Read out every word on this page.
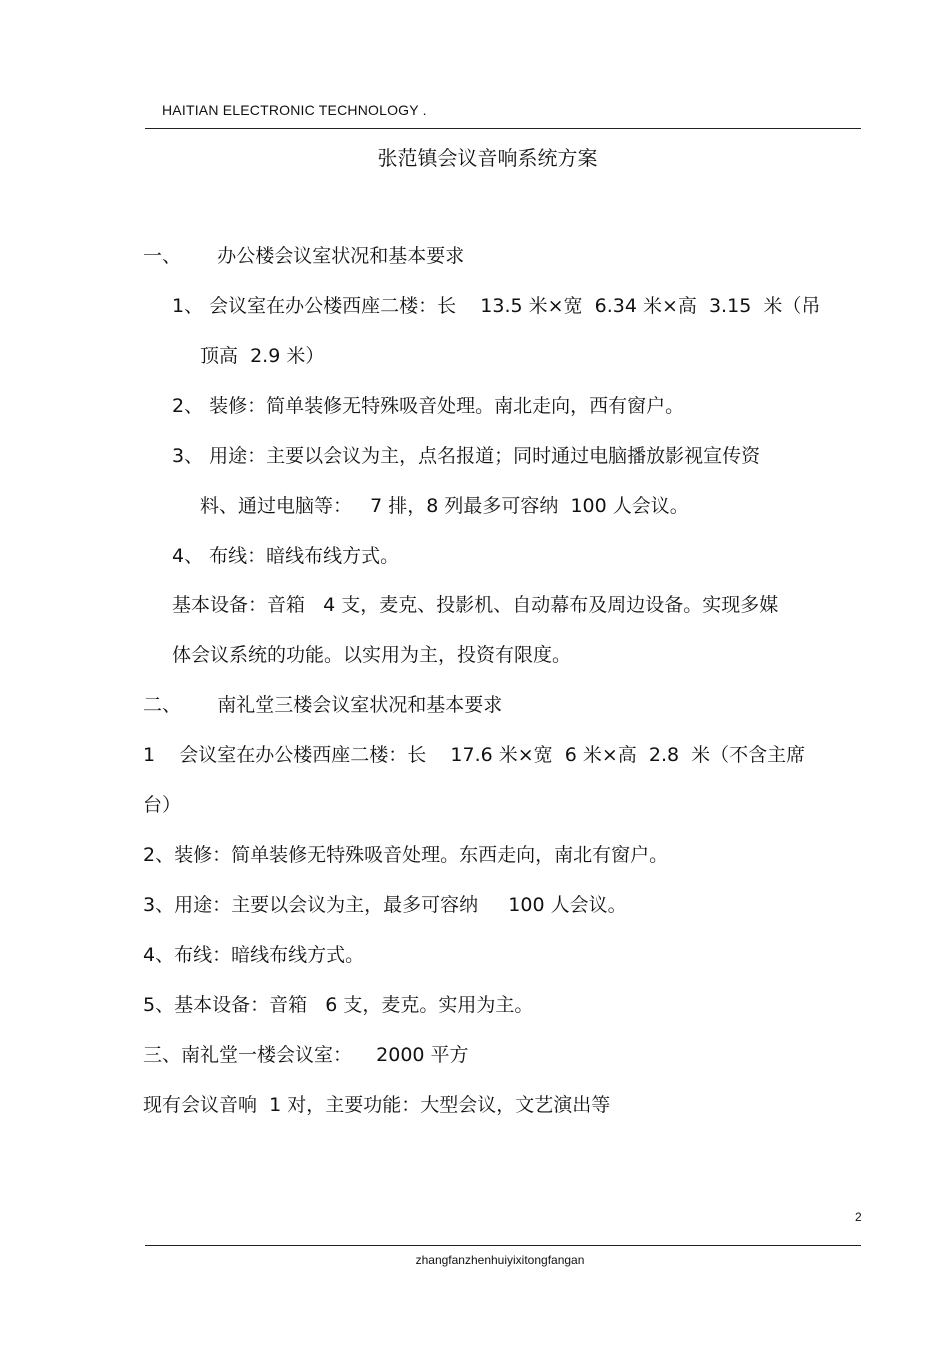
HAITIAN ELECTRONIC TECHNOLOGY .
张范镇会议音响系统方案
一、      办公楼会议室状况和基本要求
1、 会议室在办公楼西座二楼：长    13.5 米×宽  6.34 米×高  3.15  米（吊
顶高  2.9 米）
2、 装修：简单装修无特殊吸音处理。南北走向，西有窗户。
3、 用途：主要以会议为主，点名报道；同时通过电脑播放影视宣传资
料、通过电脑等：   7 排，8 列最多可容纳  100 人会议。
4、 布线：暗线布线方式。
基本设备：音箱   4 支，麦克、投影机、自动幕布及周边设备。实现多媒
体会议系统的功能。以实用为主，投资有限度。
二、      南礼堂三楼会议室状况和基本要求
1    会议室在办公楼西座二楼：长    17.6 米×宽  6 米×高  2.8  米（不含主席
台）
2、装修：简单装修无特殊吸音处理。东西走向，南北有窗户。
3、用途：主要以会议为主，最多可容纳     100 人会议。
4、布线：暗线布线方式。
5、基本设备：音箱   6 支，麦克。实用为主。
三、南礼堂一楼会议室：    2000 平方
现有会议音响  1 对，主要功能：大型会议，文艺演出等
2
zhangfanzhenhuiyixitongfangan
